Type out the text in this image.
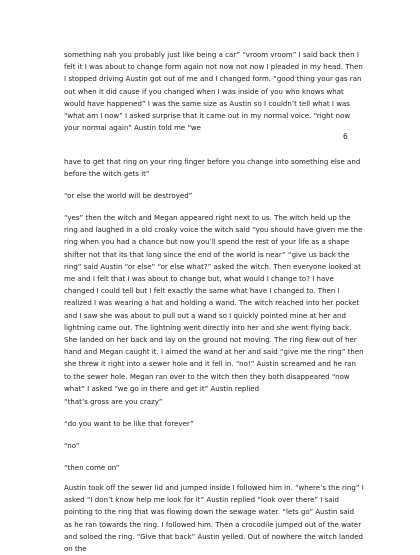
something nah you probably just like being a car” “vroom vroom” I said back then I felt it I was about to change form again not now not now I pleaded in my head. Then I stopped driving Austin got out of me and I changed form. “good thing your gas ran out when it did cause if you changed when I was inside of you who knows what would have happened” I was the same size as Austin so I couldn’t tell what I was “what am I now” I asked surprise that it came out in my normal voice. “right now your normal again” Austin told me “we

6

have to get that ring on your ring finger before you change into something else and before the witch gets it”

“or else the world will be destroyed”

“yes” then the witch and Megan appeared right next to us. The witch held up the ring and laughed in a old croaky voice the witch said “you should have given me the ring when you had a chance but now you’ll spend the rest of your life as a shape shifter not that its that long since the end of the world is near” “give us back the ring” said Austin “or else” “or else what?” asked the witch. Then everyone looked at me and I felt that I was about to change but, what would I change to? I have changed I could tell but I felt exactly the same what have I changed to. Then I realized I was wearing a hat and holding a wand. The witch reached into her pocket and I saw she was about to pull out a wand so I quickly pointed mine at her and lightning came out. The lightning went directly into her and she went flying back. She landed on her back and lay on the ground not moving. The ring flew out of her hand and Megan caught it. I aimed the wand at her and said “give me the ring” then she threw it right into a sewer hole and it fell in. “no!” Austin screamed and he ran to the sewer hole. Megan ran over to the witch then they both disappeared “now what” I asked “we go in there and get it” Austin replied

“that’s gross are you crazy”

“do you want to be like that forever”

“no”

“then come on”

Austin took off the sewer lid and jumped inside I followed him in. “where’s the ring” I asked “I don’t know help me look for it” Austin replied “look over there” I said pointing to the ring that was flowing down the sewage water. “lets go” Austin said as he ran towards the ring. I followed him. Then a crocodile jumped out of the water and soloed the ring. “Give that back” Austin yelled. Out of nowhere the witch landed on the
